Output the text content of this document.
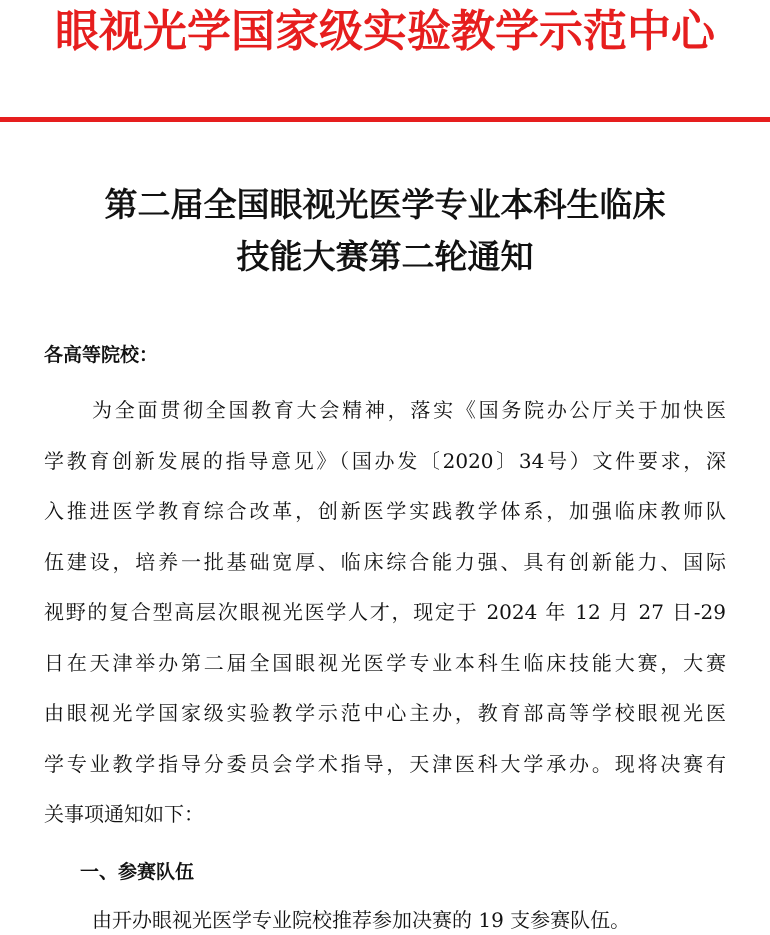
眼视光学国家级实验教学示范中心
第二届全国眼视光医学专业本科生临床
技能大赛第二轮通知
各高等院校：
为全面贯彻全国教育大会精神，落实《国务院办公厅关于加快医
学教育创新发展的指导意见》（国办发〔2020〕34号）文件要求，深
入推进医学教育综合改革，创新医学实践教学体系，加强临床教师队
伍建设，培养一批基础宽厚、临床综合能力强、具有创新能力、国际
视野的复合型高层次眼视光医学人才，现定于 2024 年 12 月 27 日-29
日在天津举办第二届全国眼视光医学专业本科生临床技能大赛，大赛
由眼视光学国家级实验教学示范中心主办，教育部高等学校眼视光医
学专业教学指导分委员会学术指导，天津医科大学承办。现将决赛有
关事项通知如下：
一、参赛队伍
由开办眼视光医学专业院校推荐参加决赛的 19 支参赛队伍。
